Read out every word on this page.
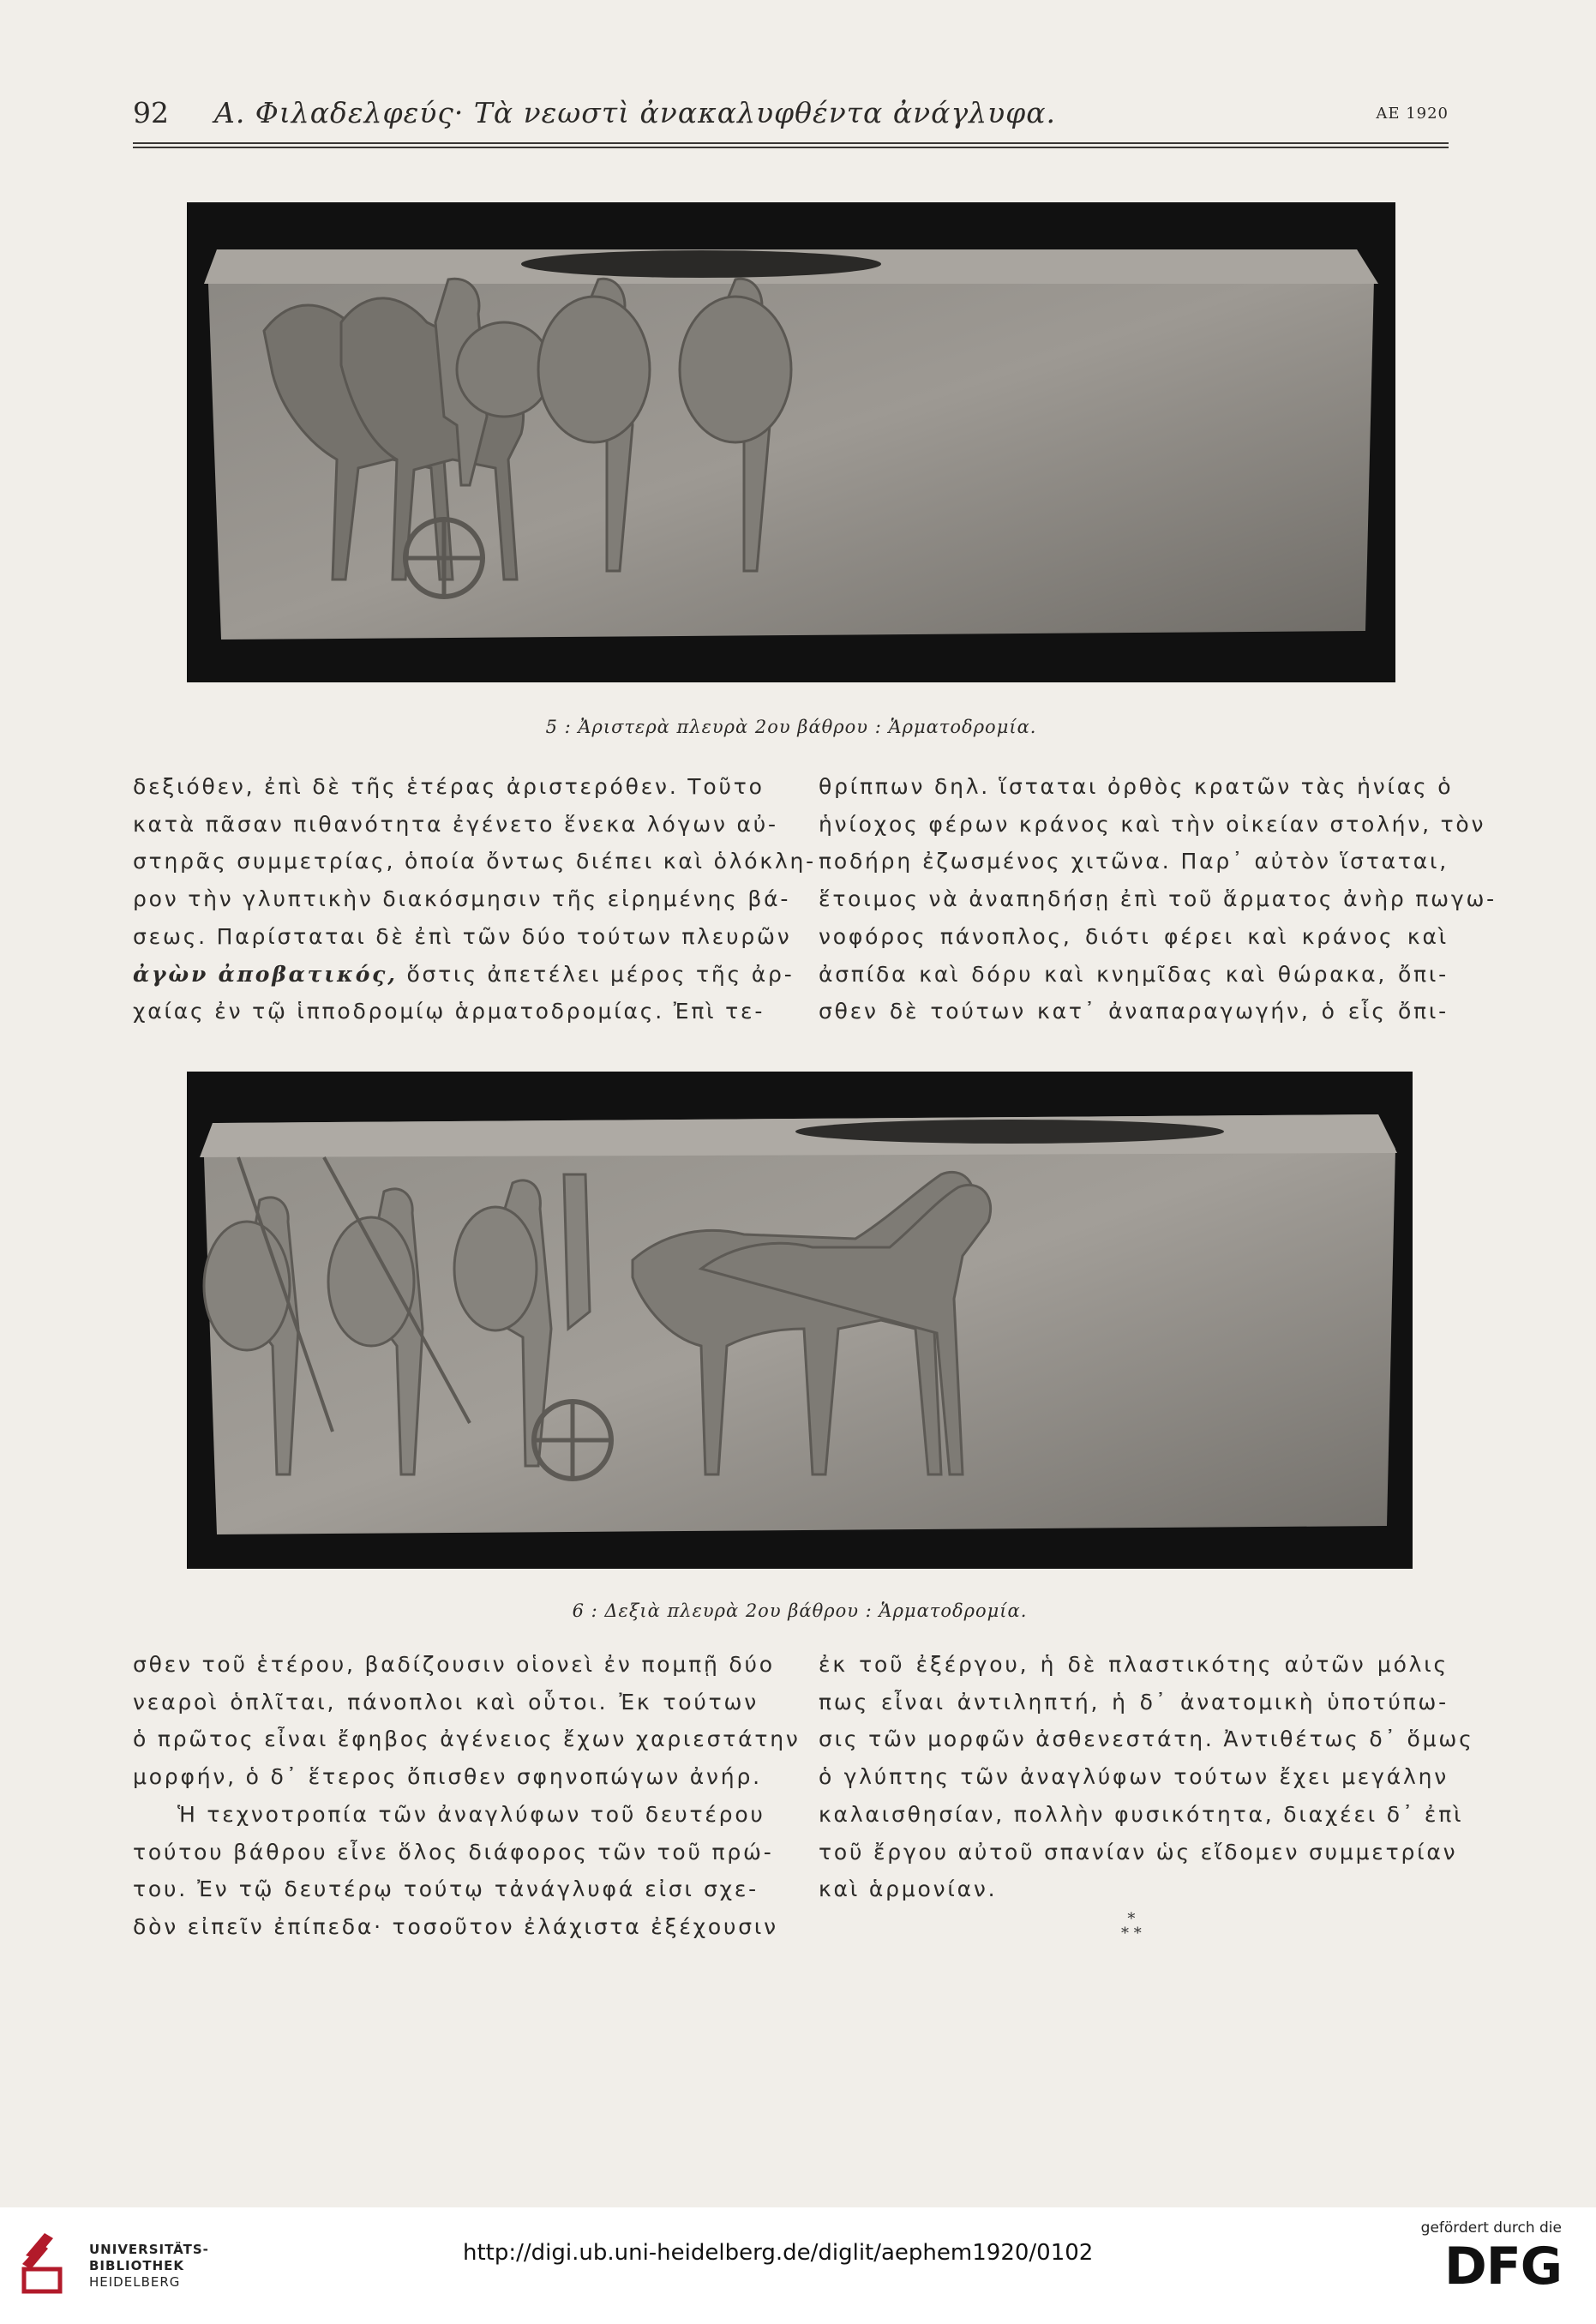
92 Α. Φιλαδελφεύς· Τὰ νεωστὶ ἀνακαλυφθέντα ἀνάγλυφα.	ΑΕ 1920
5 : Ἀριστερὰ πλευρὰ 2ου βάθρου : Ἁρματοδρομία.
δεξιόθεν, ἐπὶ δὲ τῆς ἑτέρας ἀριστερόθεν. Τοῦτο
κατὰ πᾶσαν πιθανότητα ἐγένετο ἕνεκα λόγων αὐ-
στηρᾶς συμμετρίας, ὁποία ὄντως διέπει καὶ ὁλόκλη-
ρον τὴν γλυπτικὴν διακόσμησιν τῆς εἰρημένης βά-
σεως. Παρίσταται δὲ ἐπὶ τῶν δύο τούτων πλευρῶν
ἀγὼν ἀποβατικός, ὅστις ἀπετέλει μέρος τῆς ἀρ-
χαίας ἐν τῷ ἱπποδρομίῳ ἁρματοδρομίας. Ἐπὶ τε-
θρίππων δηλ. ἵσταται ὀρθὸς κρατῶν τὰς ἡνίας ὁ
ἡνίοχος φέρων κράνος καὶ τὴν οἰκείαν στολήν, τὸν
ποδήρη ἐζωσμένος χιτῶνα. Παρ᾿ αὐτὸν ἵσταται,
ἕτοιμος νὰ ἀναπηδήσῃ ἐπὶ τοῦ ἅρματος ἀνὴρ πωγω-
νοφόρος πάνοπλος, διότι φέρει καὶ κράνος καὶ
ἀσπίδα καὶ δόρυ καὶ κνημῖδας καὶ θώρακα, ὄπι-
σθεν δὲ τούτων κατ᾿ ἀναπαραγωγήν, ὁ εἷς ὄπι-
6 : Δεξιὰ πλευρὰ 2ου βάθρου : Ἁρματοδρομία.
σθεν τοῦ ἑτέρου, βαδίζουσιν οἱονεὶ ἐν πομπῇ δύο
νεαροὶ ὁπλῖται, πάνοπλοι καὶ οὗτοι. Ἐκ τούτων
ὁ πρῶτος εἶναι ἔφηβος ἀγένειος ἔχων χαριεστάτην
μορφήν, ὁ δ᾿ ἕτερος ὄπισθεν σφηνοπώγων ἀνήρ.
Ἡ τεχνοτροπία τῶν ἀναγλύφων τοῦ δευτέρου
τούτου βάθρου εἶνε ὅλος διάφορος τῶν τοῦ πρώ-
του. Ἐν τῷ δευτέρῳ τούτῳ τἀνάγλυφά εἰσι σχε-
δὸν εἰπεῖν ἐπίπεδα· τοσοῦτον ἐλάχιστα ἐξέχουσιν
ἐκ τοῦ ἐξέργου, ἡ δὲ πλαστικότης αὐτῶν μόλις
πως εἶναι ἀντιληπτή, ἡ δ᾿ ἀνατομικὴ ὑποτύπω-
σις τῶν μορφῶν ἀσθενεστάτη. Ἀντιθέτως δ᾿ ὅμως
ὁ γλύπτης τῶν ἀναγλύφων τούτων ἔχει μεγάλην
καλαισθησίαν, πολλὴν φυσικότητα, διαχέει δ᾿ ἐπὶ
τοῦ ἔργου αὐτοῦ σπανίαν ὡς εἴδομεν συμμετρίαν
καὶ ἁρμονίαν.
*
* *
UNIVERSITÄTS-
BIBLIOTHEK
HEIDELBERG
http://digi.ub.uni-heidelberg.de/diglit/aephem1920/0102
gefördert durch die
DFG
